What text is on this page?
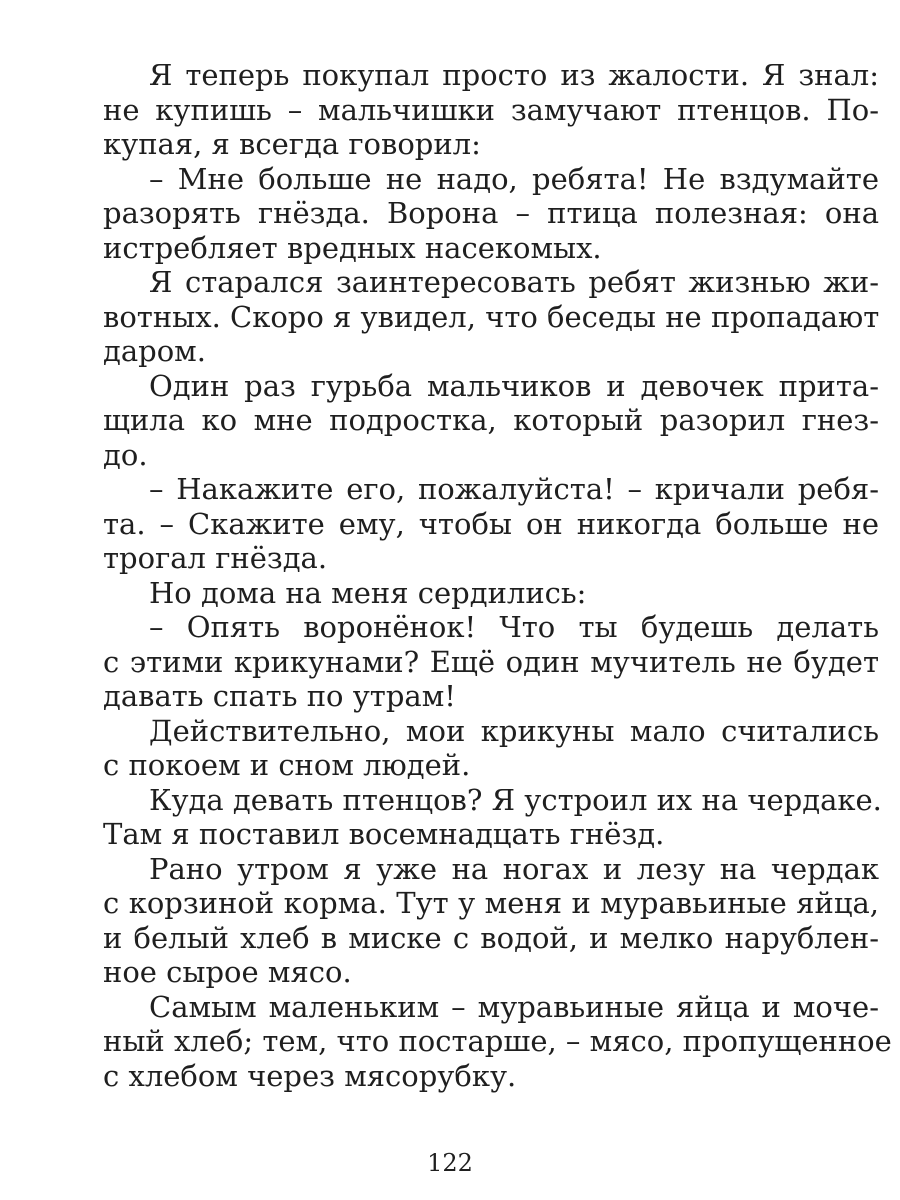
Я теперь покупал просто из жалости. Я знал:
не купишь – мальчишки замучают птенцов. По-
купая, я всегда говорил:
– Мне больше не надо, ребята! Не вздумайте
разорять гнёзда. Ворона – птица полезная: она
истребляет вредных насекомых.
Я старался заинтересовать ребят жизнью жи-
вотных. Скоро я увидел, что беседы не пропадают
даром.
Один раз гурьба мальчиков и девочек прита-
щила ко мне подростка, который разорил гнез-
до.
– Накажите его, пожалуйста! – кричали ребя-
та. – Скажите ему, чтобы он никогда больше не
трогал гнёзда.
Но дома на меня сердились:
– Опять воронёнок! Что ты будешь делать
с этими крикунами? Ещё один мучитель не будет
давать спать по утрам!
Действительно, мои крикуны мало считались
с покоем и сном людей.
Куда девать птенцов? Я устроил их на чердаке.
Там я поставил восемнадцать гнёзд.
Рано утром я уже на ногах и лезу на чердак
с корзиной корма. Тут у меня и муравьиные яйца,
и белый хлеб в миске с водой, и мелко нарублен-
ное сырое мясо.
Самым маленьким – муравьиные яйца и моче-
ный хлеб; тем, что постарше, – мясо, пропущенное
с хлебом через мясорубку.
122
